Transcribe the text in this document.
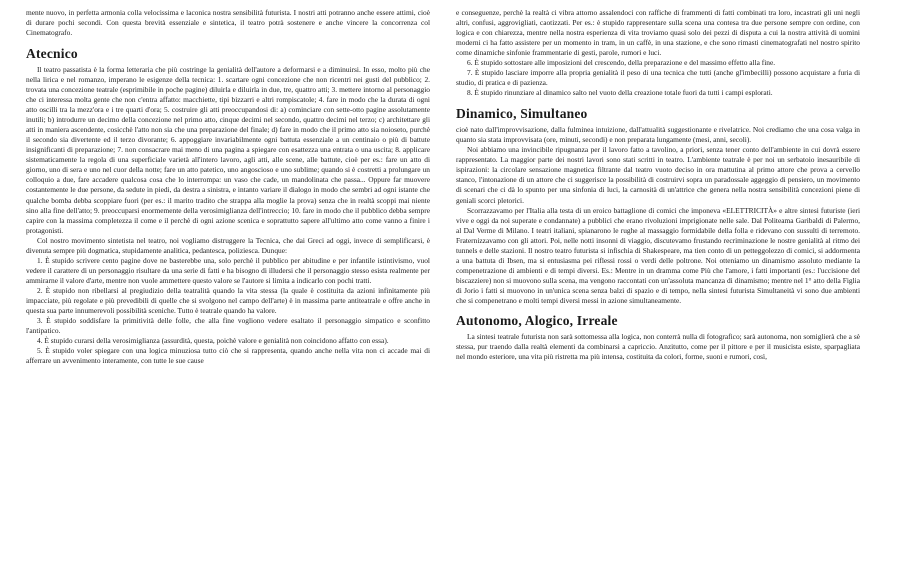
mente nuovo, in perfetta armonia colla velocissima e laconica nostra sensibilità futurista. I nostri atti potranno anche essere attimi, cioè di durare pochi secondi. Con questa brevità essenziale e sintetica, il teatro potrà sostenere e anche vincere la concorrenza col Cinematografo.

Atecnico

Il teatro passatista è la forma letteraria che più costringe la genialità dell'autore a deformarsi e a diminuirsi. In esso, molto più che nella lirica e nel romanzo, imperano le esigenze della tecnica: 1. scartare ogni concezione che non ricentri nei gusti del pubblico; 2. trovata una concezione teatrale (esprimibile in poche pagine) diluirla e diluirla in due, tre, quattro atti; 3. mettere intorno al personaggio che ci interessa molta gente che non c'entra affatto: macchiette, tipi bizzarri e altri rompiscatole; 4. fare in modo che la durata di ogni atto oscilli tra la mezz'ora e i tre quarti d'ora; 5. costruire gli atti preoccupandosi di: a) cominciare con sette-otto pagine assolutamente inutili; b) introdurre un decimo della concezione nel primo atto, cinque decimi nel secondo, quattro decimi nel terzo; c) architettare gli atti in maniera ascendente, cosicchè l'atto non sia che una preparazione del finale; d) fare in modo che il primo atto sia noioseto, purchè il secondo sia divertente ed il terzo divorante; 6. appoggiare invariabilmente ogni battuta essenziale a un centinaio o più di battute insignificanti di preparazione; 7. non consacrare mai meno di una pagina a spiegare con esattezza una entrata o una uscita; 8. applicare sistematicamente la regola di una superficiale varietà all'intero lavoro, agli atti, alle scene, alle battute, cioè per es.: fare un atto di giorno, uno di sera e uno nel cuor della notte; fare un atto patetico, uno angoscioso e uno sublime; quando si è costretti a prolungare un colloquio a due, fare accadere qualcosa cosa che lo interrompa: un vaso che cade, un mandolinata che passa... Oppure far muovere costantemente le due persone, da sedute in piedi, da destra a sinistra, e intanto variare il dialogo in modo che sembri ad ogni istante che qualche bomba debba scoppiare fuori (per es.: il marito tradito che strappa alla moglie la prova) senza che in realtà scoppi mai niente sino alla fine dell'atto; 9. preoccuparsi enormemente della verosimiglianza dell'intreccio; 10. fare in modo che il pubblico debba sempre capire con la massima completezza il come e il perchè di ogni azione scenica e soprattutto sapere all'ultimo atto come vanno a finire i protagonisti.

Col nostro movimento sintetista nel teatro, noi vogliamo distruggere la Tecnica, che dai Greci ad oggi, invece di semplificarsi, è divenuta sempre più dogmatica, stupidamente analitica, pedantesca, poliziesca. Dunque:

1. È stupido scrivere cento pagine dove ne basterebbe una, solo perchè il pubblico per abitudine e per infantile istintivismo, vuol vedere il carattere di un personaggio risultare da una serie di fatti e ha bisogno di illudersi che il personaggio stesso esista realmente per ammirarne il valore d'arte, mentre non vuole ammettere questo valore se l'autore si limita a indicarlo con pochi tratti.

2. È stupido non ribellarsi al pregiudizio della teatralità quando la vita stessa (la quale è costituita da azioni infinitamente più impacciate, più regolate e più prevedibili di quelle che si svolgono nel campo dell'arte) è in massima parte antiteatrale e offre anche in questa sua parte innumerevoli possibilità sceniche. Tutto è teatrale quando ha valore.

3. È stupido soddisfare la primitività delle folle, che alla fine vogliono vedere esaltato il personaggio simpatico e sconfitto l'antipatico.

4. È stupido curarsi della verosimiglianza (assurdità, questa, poichè valore e genialità non coincidono affatto con essa).

5. È stupido voler spiegare con una logica minuziosa tutto ciò che si rappresenta, quando anche nella vita non ci accade mai di afferrare un avvenimento interamente, con tutte le sue cause

e conseguenze, perchè la realtà ci vibra attorno assalendoci con raffiche di frammenti di fatti combinati tra loro, incastrati gli uni negli altri, confusi, aggrovigliati, caotizzati. Per es.: è stupido rappresentare sulla scena una contesa tra due persone sempre con ordine, con logica e con chiarezza, mentre nella nostra esperienza di vita troviamo quasi solo dei pezzi di disputa a cui la nostra attività di uomini moderni ci ha fatto assistere per un momento in tram, in un caffè, in una stazione, e che sono rimasti cinematografati nel nostro spirito come dinamiche sinfonie frammentarie di gesti, parole, rumori e luci.

6. È stupido sottostare alle imposizioni del crescendo, della preparazione e del massimo effetto alla fine.

7. È stupido lasciare imporre alla propria genialità il peso di una tecnica che tutti (anche gl'imbecilli) possono acquistare a furia di studio, di pratica e di pazienza.

8. È stupido rinunziare al dinamico salto nel vuoto della creazione totale fuori da tutti i campi esplorati.

Dinamico, Simultaneo

cioè nato dall'improvvisazione, dalla fulminea intuizione, dall'attualità suggestionante e rivelatrice. Noi crediamo che una cosa valga in quanto sia stata improvvisata (ore, minuti, secondi) e non preparata lungamente (mesi, anni, secoli).

Noi abbiamo una invincibile ripugnanza per il lavoro fatto a tavolino, a priori, senza tener conto dell'ambiente in cui dovrà essere rappresentato. La maggior parte dei nostri lavori sono stati scritti in teatro. L'ambiente teatrale è per noi un serbatoio inesauribile di ispirazioni: la circolare sensazione magnetica filtrante dal teatro vuoto deciso in ora mattutina al primo attore che prova a cervello stanco, l'intonazione di un attore che ci suggerisce la possibilità di costruirvi sopra un paradossale aggeggio di pensiero, un movimento di scenari che ci dà lo spunto per una sinfonia di luci, la carnosità di un'attrice che genera nella nostra sensibilità concezioni piene di geniali scorci pletorici.

Scorrazzavamo per l'Italia alla testa di un eroico battaglione di comici che imponeva «ELETTRICITÀ» e altre sintesi futuriste (ieri vive e oggi da noi superate e condannate) a pubblici che erano rivoluzioni imprigionate nelle sale. Dal Politeama Garibaldi di Palermo, al Dal Verme di Milano. I teatri italiani, spianarono le rughe al massaggio formidabile della folla e ridevano con sussulti di terremoto. Fraternizzavamo con gli attori. Poi, nelle notti insonni di viaggio, discutevamo frustando recriminazione le nostre genialità al ritmo dei tunnels e delle stazioni. Il nostro teatro futurista si infischia di Shakespeare, ma tien conto di un petteggolezzo di comici, si addormenta a una battuta di Ibsen, ma si entusiasma pei riflessi rossi o verdi delle poltrone. Noi otteniamo un dinamismo assoluto mediante la compenetrazione di ambienti e di tempi diversi. Es.: Mentre in un dramma come Più che l'amore, i fatti importanti (es.: l'uccisione del biscazziere) non si muovono sulla scena, ma vengono raccontati con un'assoluta mancanza di dinamismo; mentre nel 1° atto della Figlia di Jorio i fatti si muovono in un'unica scena senza balzi di spazio e di tempo, nella sintesi futurista Simultaneità vi sono due ambienti che si compenetrano e molti tempi diversi messi in azione simultaneamente.

Autonomo, Alogico, Irreale

La sintesi teatrale futurista non sarà sottomessa alla logica, non conterrà nulla di fotografico; sarà autonoma, non somiglierà che a sè stessa, pur traendo dalla realtà elementi da combinarsi a capriccio. Anzitutto, come per il pittore e per il musicista esiste, sparpagliata nel mondo esteriore, una vita più ristretta ma più intensa, costituita da colori, forme, suoni e rumori, così,
